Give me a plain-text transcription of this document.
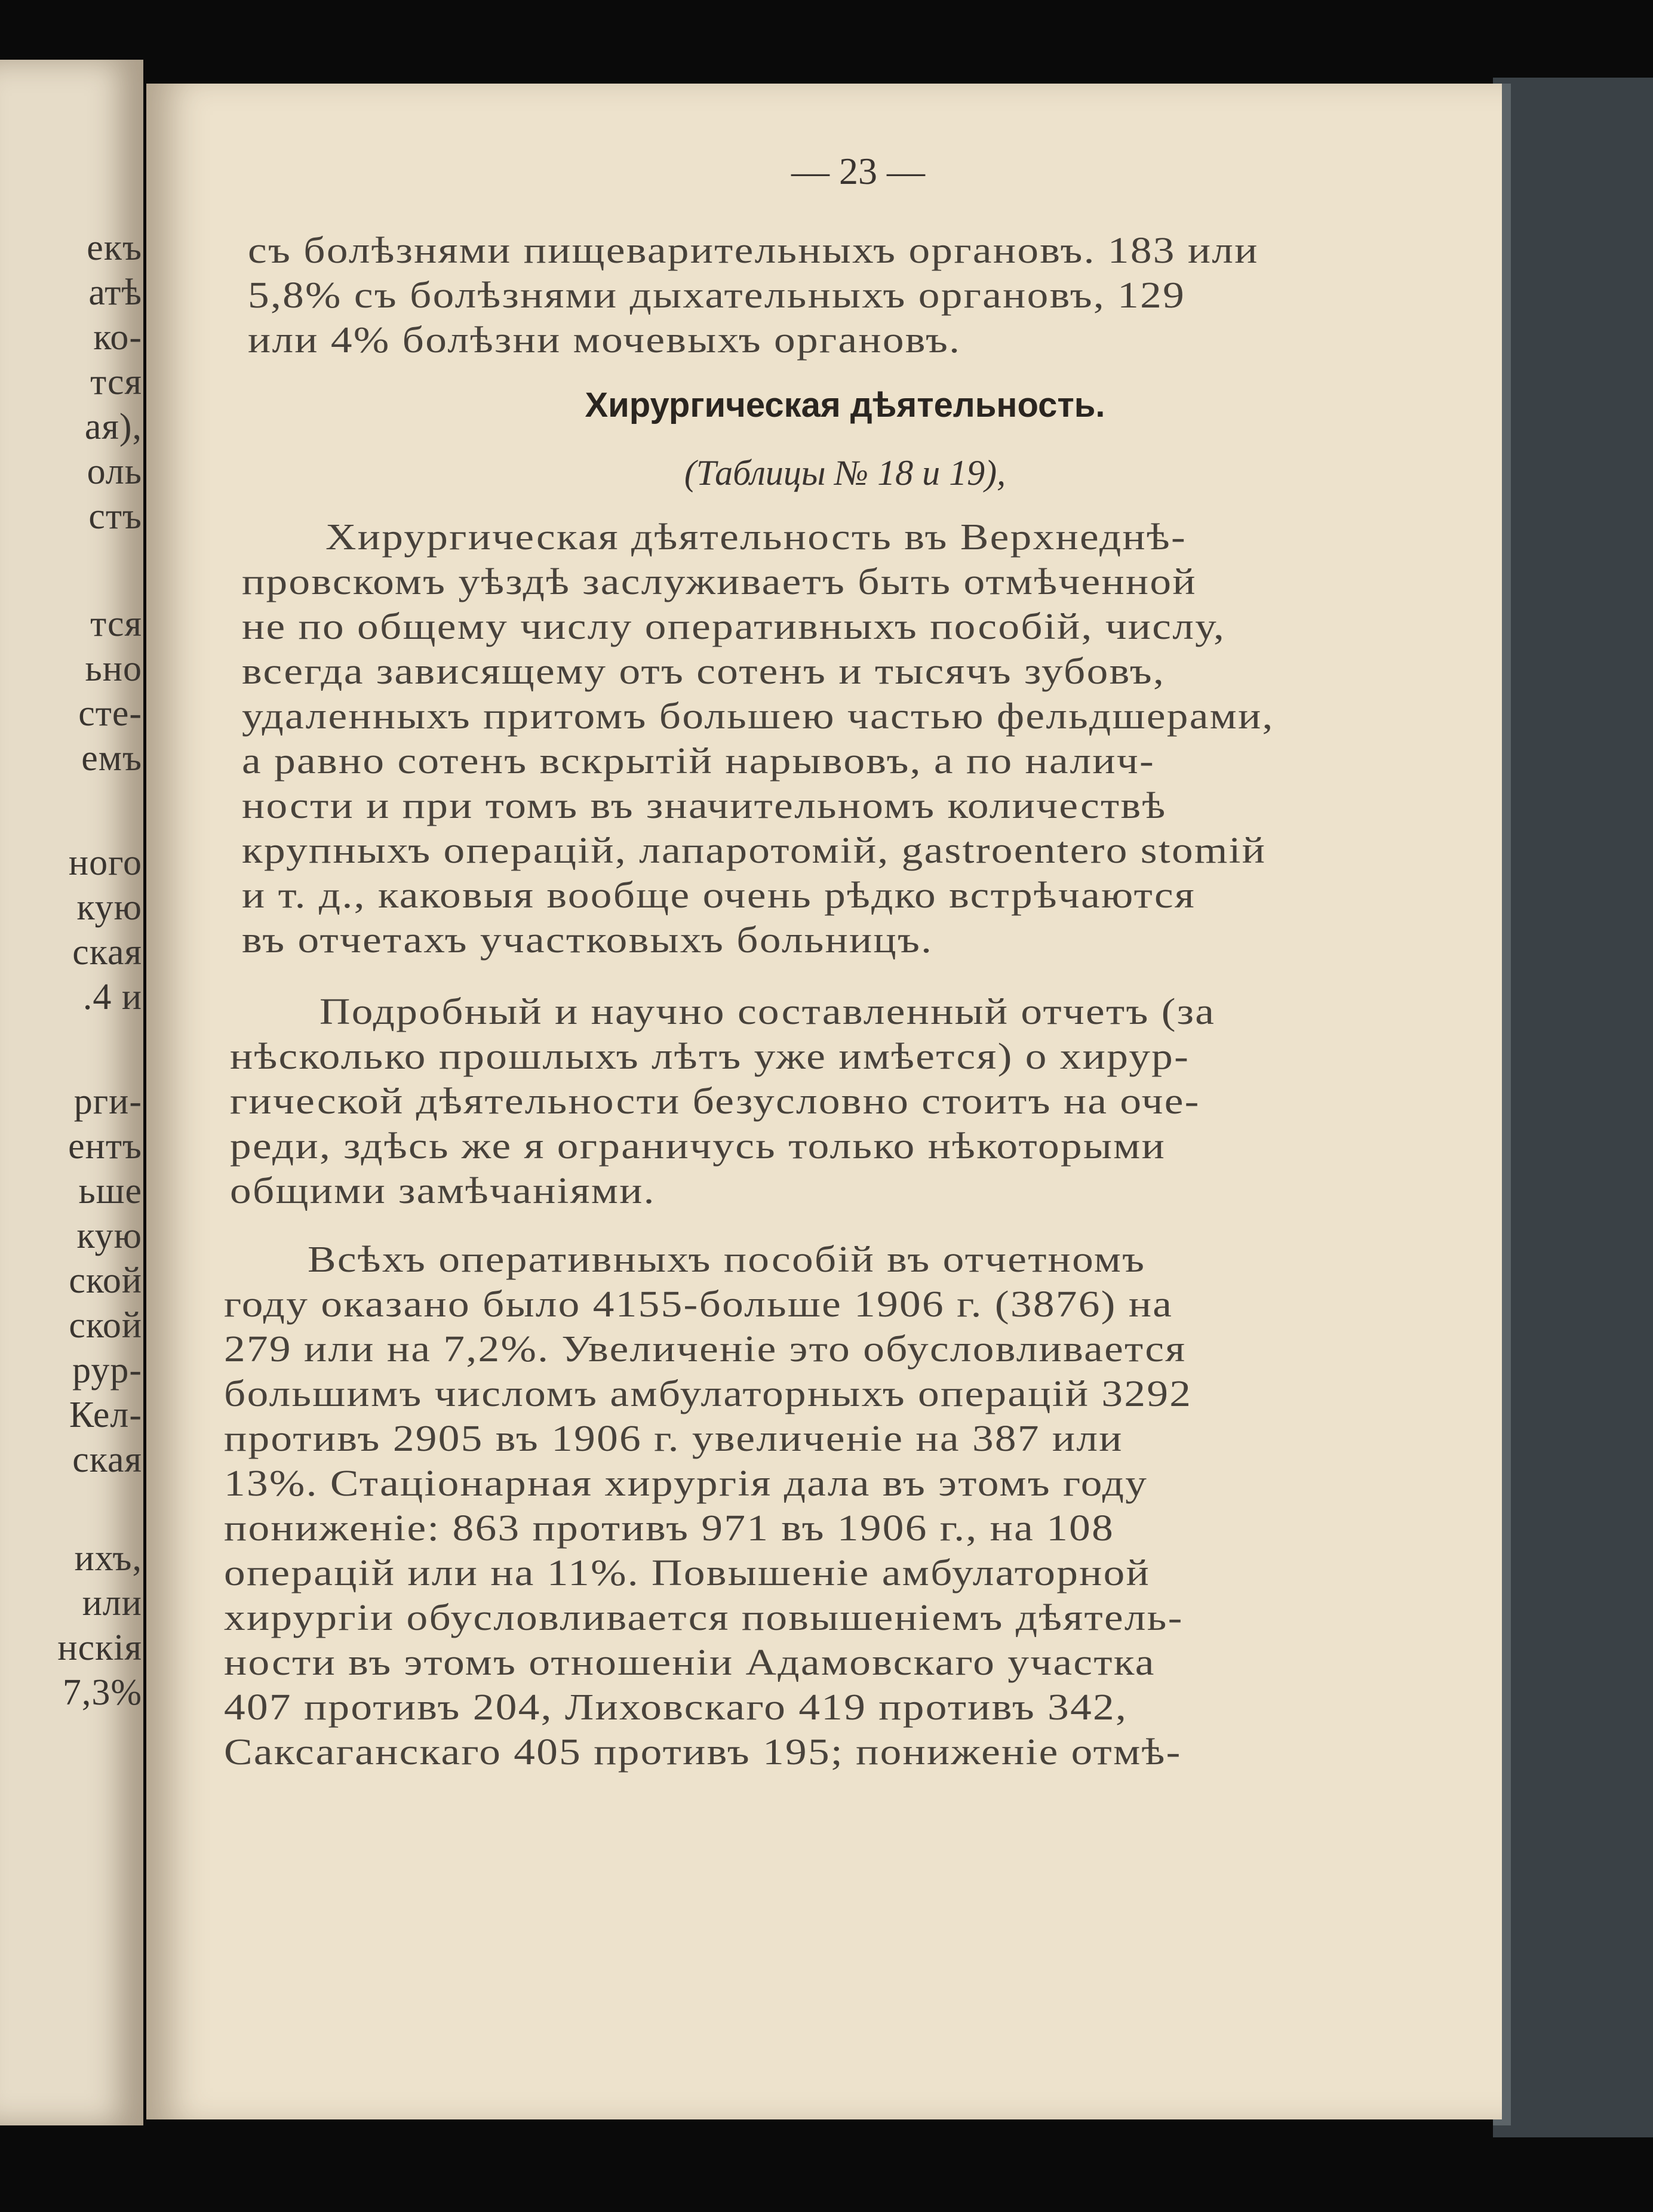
екъ
атѣ
ко-
тся
ая),
оль
стъ
тся
ьно
сте-
емъ
ного
кую
ская
.4 и
рги-
ентъ
ьше
кую
ской
ской
рур-
Кел-
ская
ихъ,
или
нскія
7,3%
— 23 —
съ болѣзнями пищеварительныхъ органовъ. 183 или
5,8% съ болѣзнями дыхательныхъ органовъ, 129
или 4% болѣзни мочевыхъ органовъ.
Хирургическая дѣятельность.
(Таблицы № 18 и 19),
Хирургическая дѣятельность въ Верхнеднѣ-
провскомъ уѣздѣ заслуживаетъ быть отмѣченной
не по общему числу оперативныхъ пособій, числу,
всегда зависящему отъ сотенъ и тысячъ зубовъ,
удаленныхъ притомъ большею частью фельдшерами,
а равно сотенъ вскрытій нарывовъ, а по налич-
ности и при томъ въ значительномъ количествѣ
крупныхъ операцій, лапаротомій, gastroentero stomій
и т. д., каковыя вообще очень рѣдко встрѣчаются
въ отчетахъ участковыхъ больницъ.
Подробный и научно составленный отчетъ (за
нѣсколько прошлыхъ лѣтъ уже имѣется) о хирур-
гической дѣятельности безусловно стоитъ на оче-
реди, здѣсь же я ограничусь только нѣкоторыми
общими замѣчаніями.
Всѣхъ оперативныхъ пособій въ отчетномъ
году оказано было 4155-больше 1906 г. (3876) на
279 или на 7,2%. Увеличеніе это обусловливается
большимъ числомъ амбулаторныхъ операцій 3292
противъ 2905 въ 1906 г. увеличеніе на 387 или
13%. Стаціонарная хирургія дала въ этомъ году
пониженіе: 863 противъ 971 въ 1906 г., на 108
операцій или на 11%. Повышеніе амбулаторной
хирургіи обусловливается повышеніемъ дѣятель-
ности въ этомъ отношеніи Адамовскаго участка
407 противъ 204, Лиховскаго 419 противъ 342,
Саксаганскаго 405 противъ 195; пониженіе отмѣ-
